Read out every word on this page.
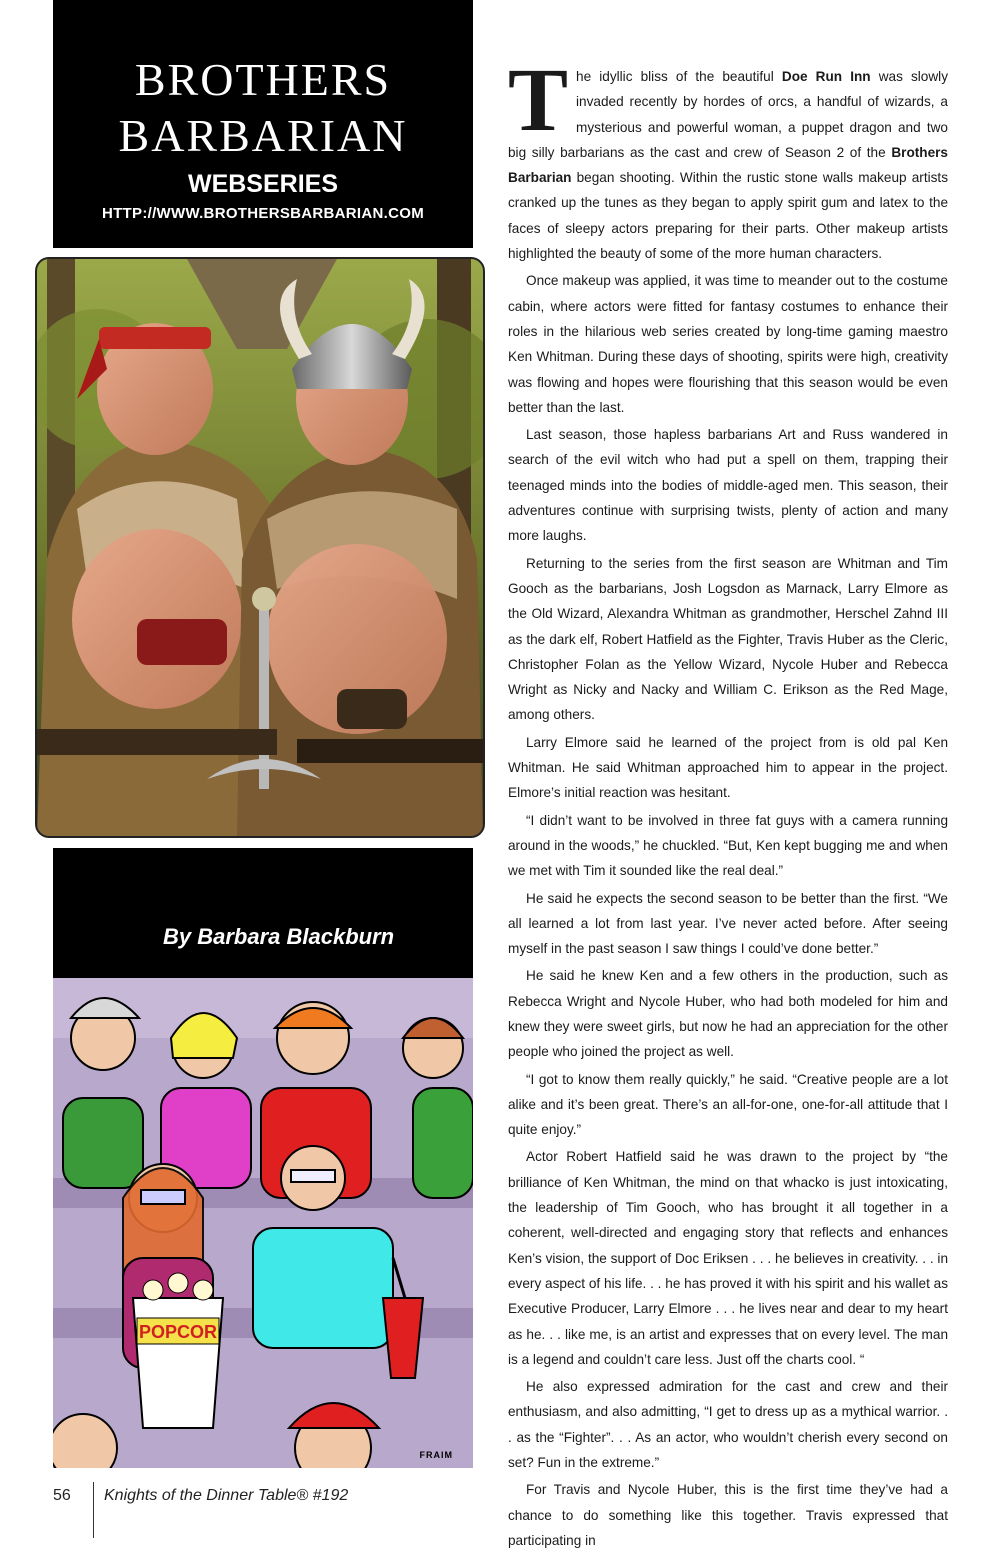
BROTHERS
BARBARIAN
WEBSERIES
HTTP://WWW.BROTHERSBARBARIAN.COM
By Barbara Blackburn
POPCOR
FRAIM

The idyllic bliss of the beautiful Doe Run Inn was slowly invaded recently by hordes of orcs, a handful of wizards, a mysterious and powerful woman, a puppet dragon and two big silly barbarians as the cast and crew of Season 2 of the Brothers Barbarian began shooting. Within the rustic stone walls makeup artists cranked up the tunes as they began to apply spirit gum and latex to the faces of sleepy actors preparing for their parts. Other makeup artists highlighted the beauty of some of the more human characters.

Once makeup was applied, it was time to meander out to the costume cabin, where actors were fitted for fantasy costumes to enhance their roles in the hilarious web series created by long-time gaming maestro Ken Whitman. During these days of shooting, spirits were high, creativity was flowing and hopes were flourishing that this season would be even better than the last.

Last season, those hapless barbarians Art and Russ wandered in search of the evil witch who had put a spell on them, trapping their teenaged minds into the bodies of middle-aged men. This season, their adventures continue with surprising twists, plenty of action and many more laughs.

Returning to the series from the first season are Whitman and Tim Gooch as the barbarians, Josh Logsdon as Marnack, Larry Elmore as the Old Wizard, Alexandra Whitman as grandmother, Herschel Zahnd III as the dark elf, Robert Hatfield as the Fighter, Travis Huber as the Cleric, Christopher Folan as the Yellow Wizard, Nycole Huber and Rebecca Wright as Nicky and Nacky and William C. Erikson as the Red Mage, among others.

Larry Elmore said he learned of the project from is old pal Ken Whitman. He said Whitman approached him to appear in the project. Elmore’s initial reaction was hesitant.

“I didn’t want to be involved in three fat guys with a camera running around in the woods,” he chuckled. “But, Ken kept bugging me and when we met with Tim it sounded like the real deal.”

He said he expects the second season to be better than the first. “We all learned a lot from last year. I’ve never acted before. After seeing myself in the past season I saw things I could’ve done better.”

He said he knew Ken and a few others in the production, such as Rebecca Wright and Nycole Huber, who had both modeled for him and knew they were sweet girls, but now he had an appreciation for the other people who joined the project as well.

“I got to know them really quickly,” he said. “Creative people are a lot alike and it’s been great. There’s an all-for-one, one-for-all attitude that I quite enjoy.”

Actor Robert Hatfield said he was drawn to the project by “the brilliance of Ken Whitman, the mind on that whacko is just intoxicating, the leadership of Tim Gooch, who has brought it all together in a coherent, well-directed and engaging story that reflects and enhances Ken’s vision, the support of Doc Eriksen . . . he believes in creativity. . . in every aspect of his life. . . he has proved it with his spirit and his wallet as Executive Producer, Larry Elmore . . . he lives near and dear to my heart as he. . . like me, is an artist and expresses that on every level. The man is a legend and couldn’t care less. Just off the charts cool. “

He also expressed admiration for the cast and crew and their enthusiasm, and also admitting, “I get to dress up as a mythical warrior. . . as the “Fighter”. . . As an actor, who wouldn’t cherish every second on set? Fun in the extreme.”

For Travis and Nycole Huber, this is the first time they’ve had a chance to do something like this together. Travis expressed that participating in

56 Knights of the Dinner Table® #192
